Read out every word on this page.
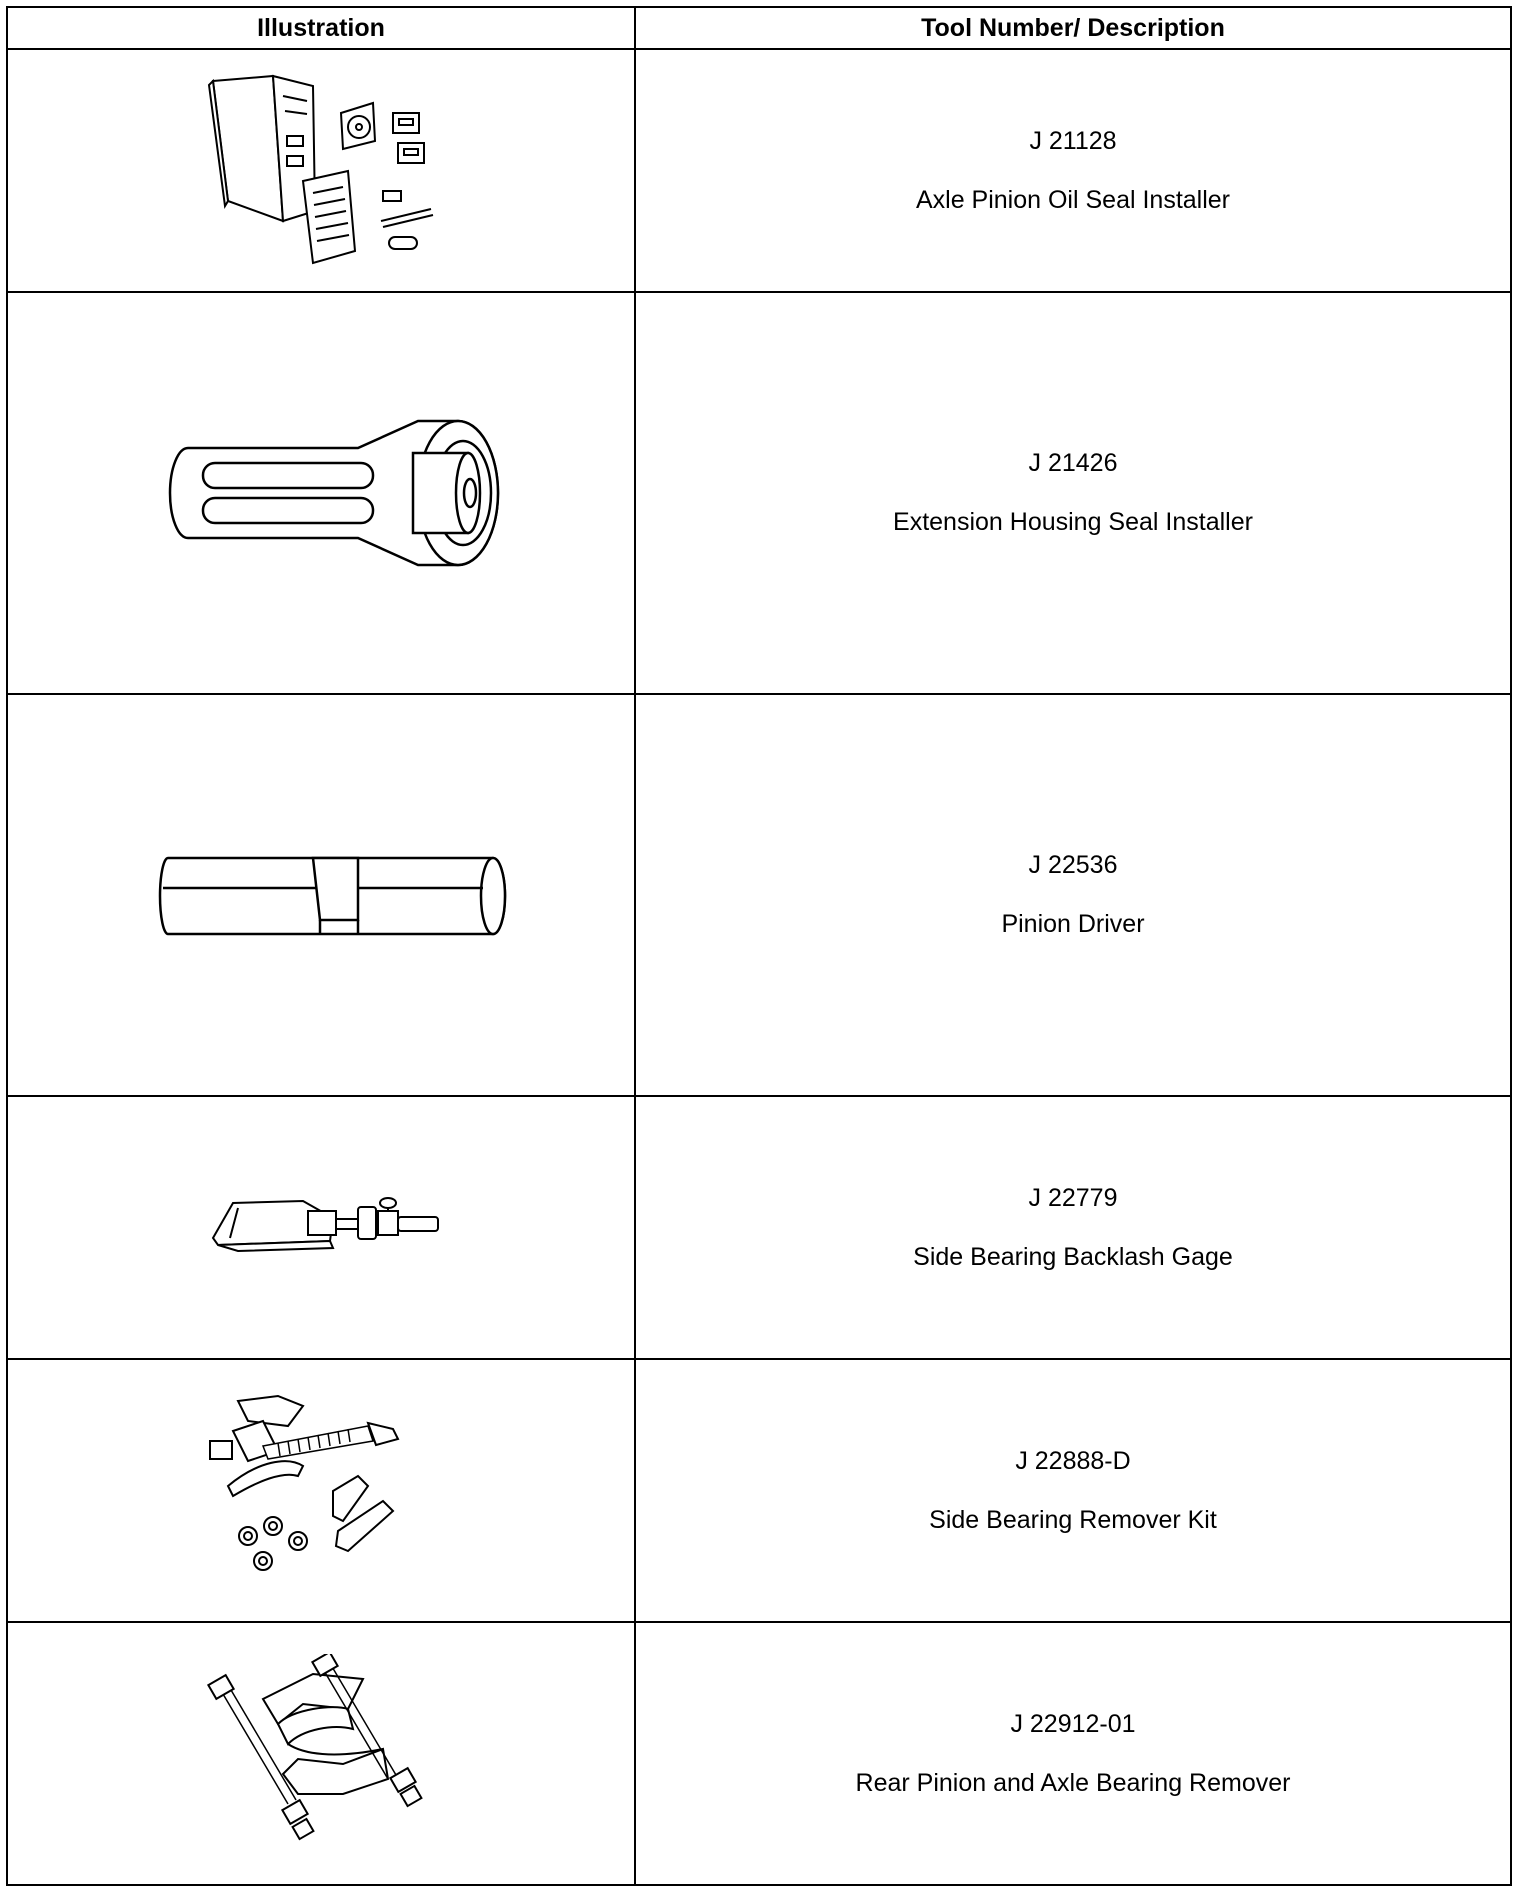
Illustration	Tool Number/ Description

J 21128
Axle Pinion Oil Seal Installer

J 21426
Extension Housing Seal Installer

J 22536
Pinion Driver

J 22779
Side Bearing Backlash Gage

J 22888-D
Side Bearing Remover Kit

J 22912-01
Rear Pinion and Axle Bearing Remover
